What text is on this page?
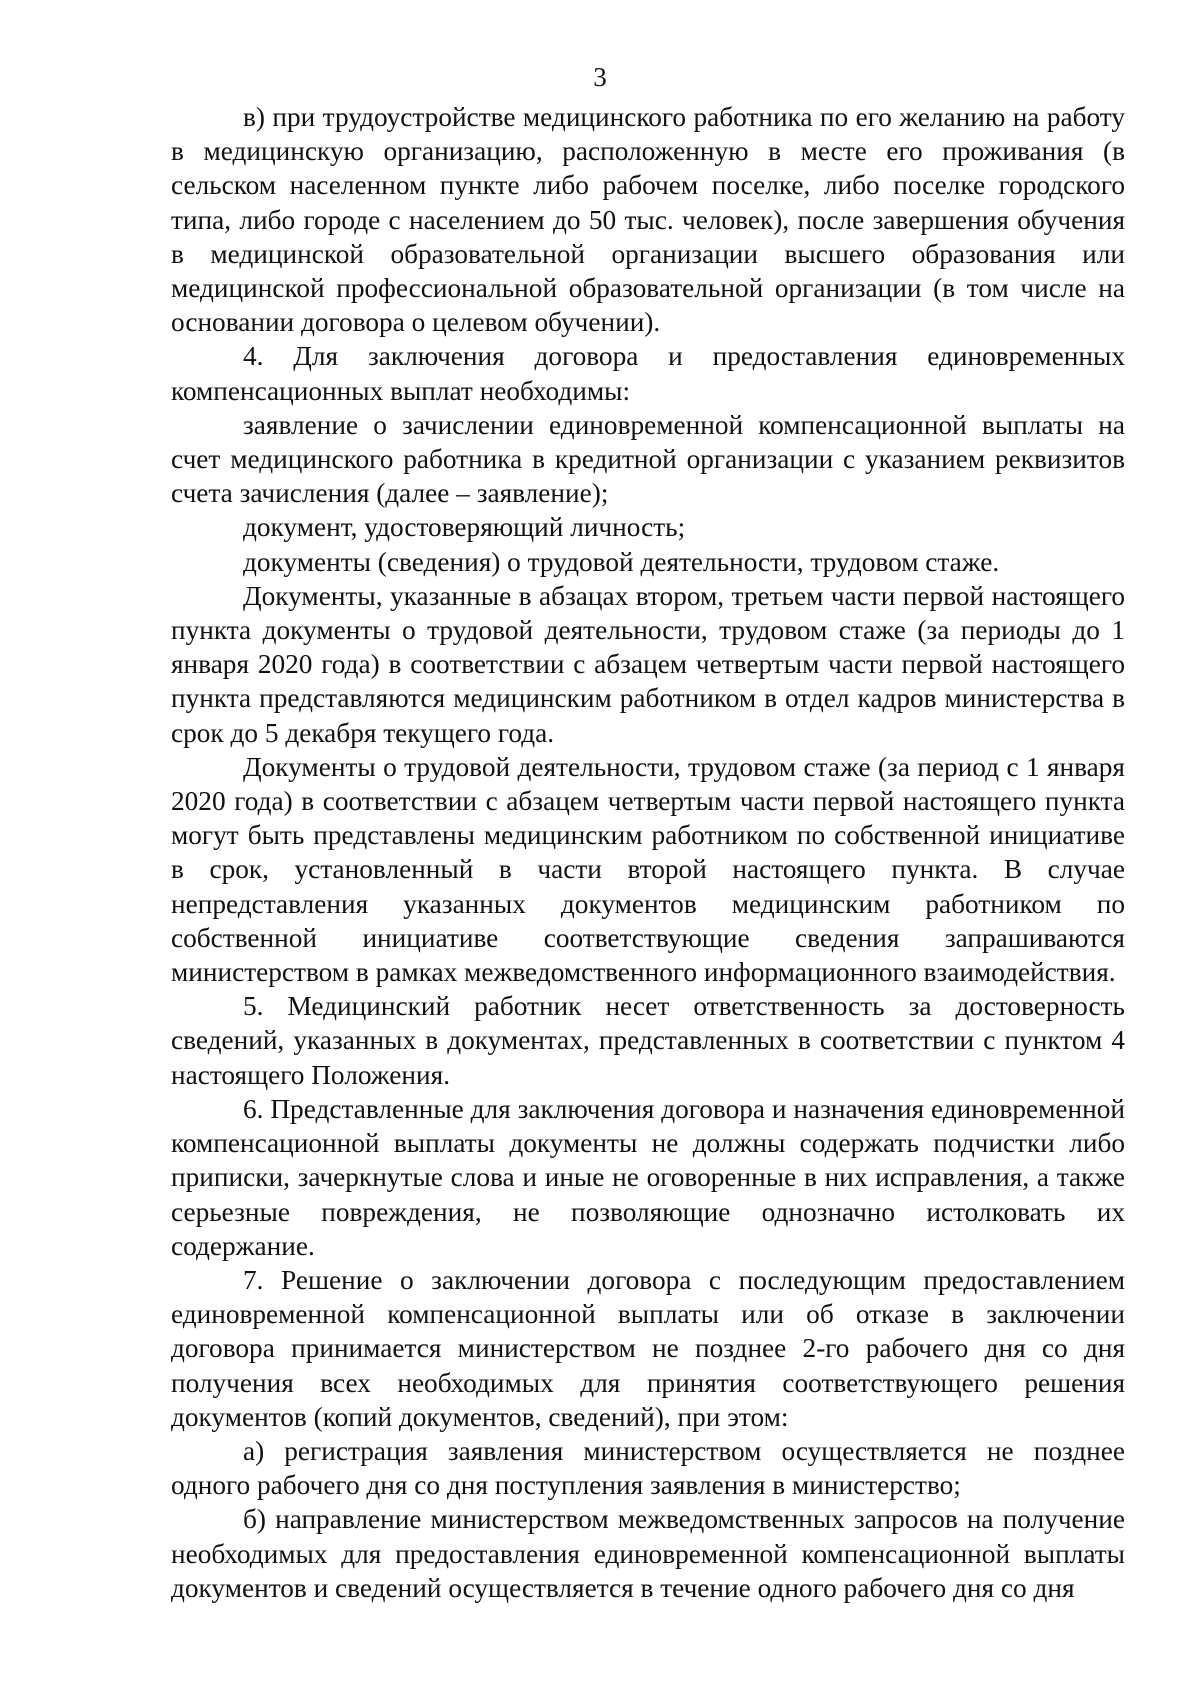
3

в) при трудоустройстве медицинского работника по его желанию на работу в медицинскую организацию, расположенную в месте его проживания (в сельском населенном пункте либо рабочем поселке, либо поселке городского типа, либо городе с населением до 50 тыс. человек), после завершения обучения в медицинской образовательной организации высшего образования или медицинской профессиональной образовательной организации (в том числе на основании договора о целевом обучении).

4. Для заключения договора и предоставления единовременных компенсационных выплат необходимы:

заявление о зачислении единовременной компенсационной выплаты на счет медицинского работника в кредитной организации с указанием реквизитов счета зачисления (далее – заявление);

документ, удостоверяющий личность;

документы (сведения) о трудовой деятельности, трудовом стаже.

Документы, указанные в абзацах втором, третьем части первой настоящего пункта документы о трудовой деятельности, трудовом стаже (за периоды до 1 января 2020 года) в соответствии с абзацем четвертым части первой настоящего пункта представляются медицинским работником в отдел кадров министерства в срок до 5 декабря текущего года.

Документы о трудовой деятельности, трудовом стаже (за период с 1 января 2020 года) в соответствии с абзацем четвертым части первой настоящего пункта могут быть представлены медицинским работником по собственной инициативе в срок, установленный в части второй настоящего пункта. В случае непредставления указанных документов медицинским работником по собственной инициативе соответствующие сведения запрашиваются министерством в рамках межведомственного информационного взаимодействия.

5. Медицинский работник несет ответственность за достоверность сведений, указанных в документах, представленных в соответствии с пунктом 4 настоящего Положения.

6. Представленные для заключения договора и назначения единовременной компенсационной выплаты документы не должны содержать подчистки либо приписки, зачеркнутые слова и иные не оговоренные в них исправления, а также серьезные повреждения, не позволяющие однозначно истолковать их содержание.

7. Решение о заключении договора с последующим предоставлением единовременной компенсационной выплаты или об отказе в заключении договора принимается министерством не позднее 2-го рабочего дня со дня получения всех необходимых для принятия соответствующего решения документов (копий документов, сведений), при этом:

а) регистрация заявления министерством осуществляется не позднее одного рабочего дня со дня поступления заявления в министерство;

б) направление министерством межведомственных запросов на получение необходимых для предоставления единовременной компенсационной выплаты документов и сведений осуществляется в течение одного рабочего дня со дня
